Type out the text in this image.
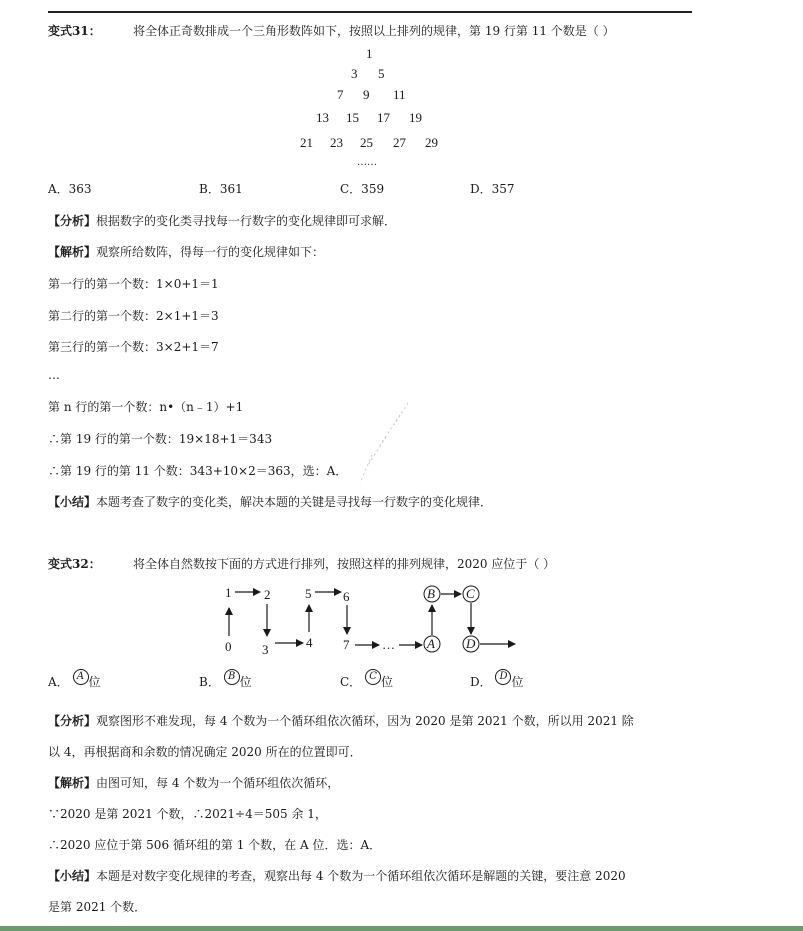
变式31：	将全体正奇数排成一个三角形数阵如下，按照以上排列的规律，第 19 行第 11 个数是（ ）
1
3 5
7 9 11
13 15 17 19
21 23 25 27 29
……
A．363	B．361	C．359	D．357
【分析】根据数字的变化类寻找每一行数字的变化规律即可求解．
【解析】观察所给数阵，得每一行的变化规律如下：
第一行的第一个数：1×0+1＝1
第二行的第一个数：2×1+1＝3
第三行的第一个数：3×2+1＝7
…
第 n 行的第一个数：n•（n﹣1）+1
∴第 19 行的第一个数：19×18+1＝343
∴第 19 行的第 11 个数：343+10×2＝363，选：A．
【小结】本题考查了数字的变化类，解决本题的关键是寻找每一行数字的变化规律．
变式32：	将全体自然数按下面的方式进行排列，按照这样的排列规律，2020 应位于（ ）
1	2
0 3	4
5 6
7	…
B C
A D
A． A 位	B． B 位	C． C 位	D． D 位
【分析】观察图形不难发现，每 4 个数为一个循环组依次循环，因为 2020 是第 2021 个数，所以用 2021 除
以 4，再根据商和余数的情况确定 2020 所在的位置即可．
【解析】由图可知，每 4 个数为一个循环组依次循环，
∵2020 是第 2021 个数，∴2021÷4＝505 余 1，
∴2020 应位于第 506 循环组的第 1 个数，在 A 位．选：A．
【小结】本题是对数字变化规律的考查，观察出每 4 个数为一个循环组依次循环是解题的关键，要注意 2020
是第 2021 个数．
